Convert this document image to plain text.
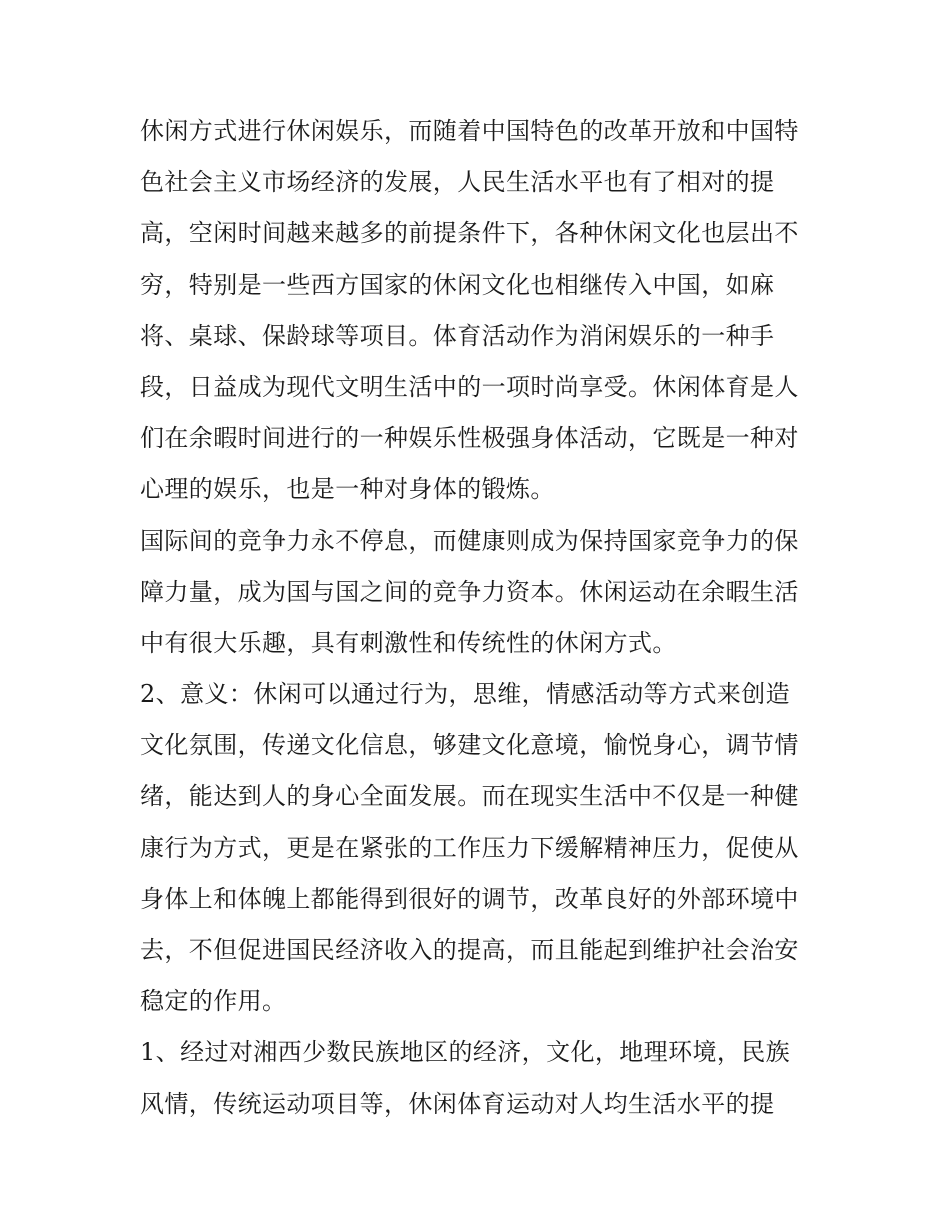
休闲方式进行休闲娱乐，而随着中国特色的改革开放和中国特
色社会主义市场经济的发展，人民生活水平也有了相对的提
高，空闲时间越来越多的前提条件下，各种休闲文化也层出不
穷，特别是一些西方国家的休闲文化也相继传入中国，如麻
将、桌球、保龄球等项目。体育活动作为消闲娱乐的一种手
段，日益成为现代文明生活中的一项时尚享受。休闲体育是人
们在余暇时间进行的一种娱乐性极强身体活动，它既是一种对
心理的娱乐，也是一种对身体的锻炼。
国际间的竞争力永不停息，而健康则成为保持国家竞争力的保
障力量，成为国与国之间的竞争力资本。休闲运动在余暇生活
中有很大乐趣，具有刺激性和传统性的休闲方式。
2、意义：休闲可以通过行为，思维，情感活动等方式来创造
文化氛围，传递文化信息，够建文化意境，愉悦身心，调节情
绪，能达到人的身心全面发展。而在现实生活中不仅是一种健
康行为方式，更是在紧张的工作压力下缓解精神压力，促使从
身体上和体魄上都能得到很好的调节，改革良好的外部环境中
去，不但促进国民经济收入的提高，而且能起到维护社会治安
稳定的作用。
1、经过对湘西少数民族地区的经济，文化，地理环境，民族
风情，传统运动项目等，休闲体育运动对人均生活水平的提
